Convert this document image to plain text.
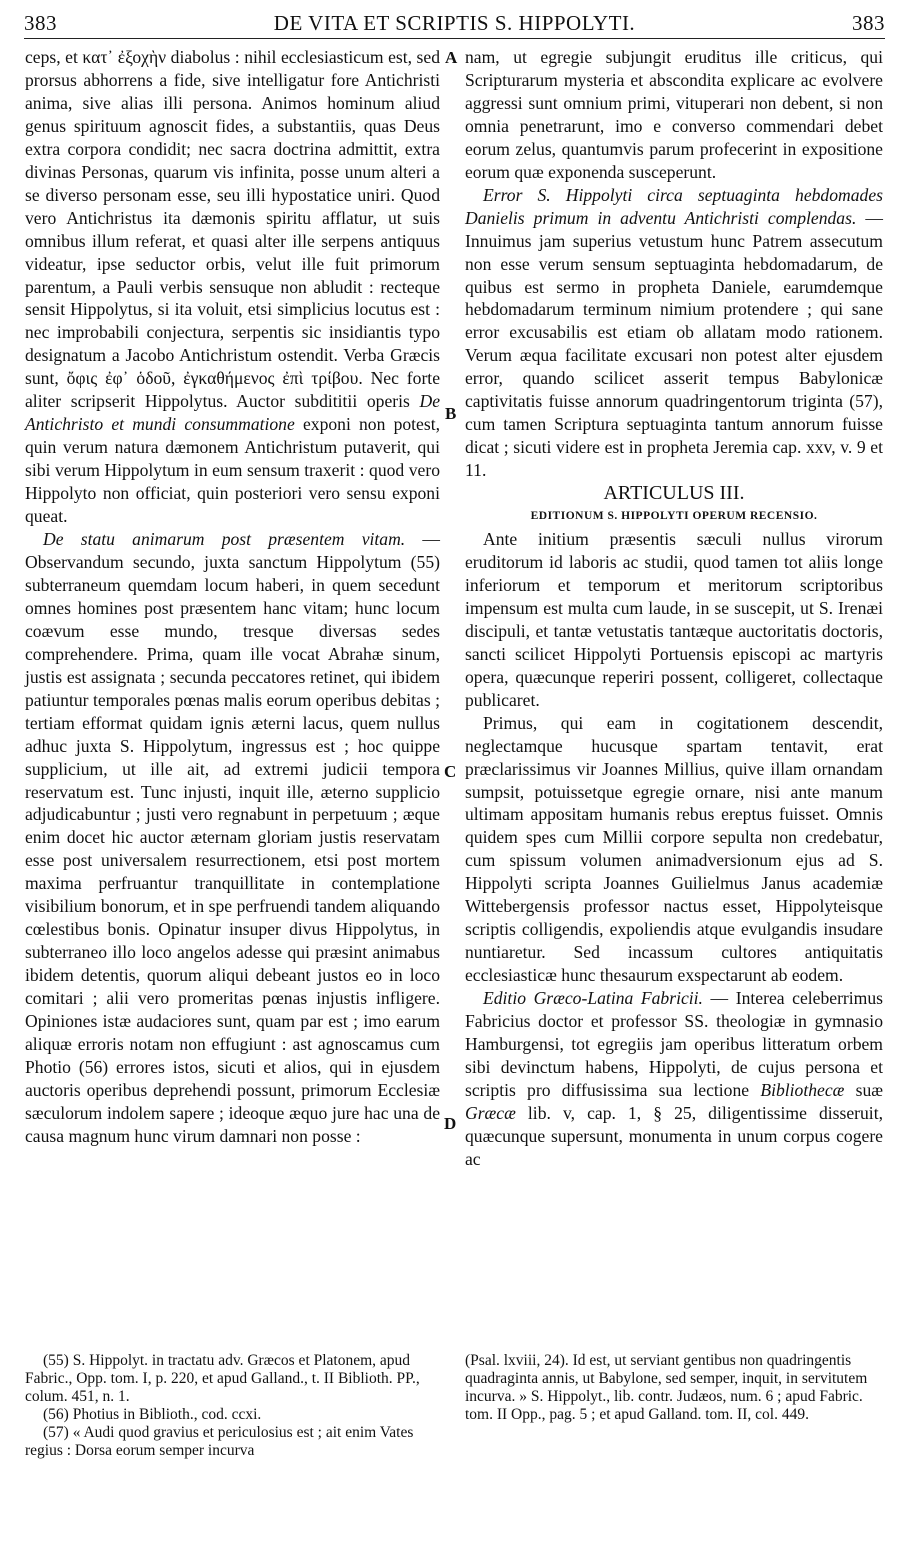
383	DE VITA ET SCRIPTIS S. HIPPOLYTI.	383
A
B
C
D

ceps, et κατ᾿ ἐξοχὴν diabolus : nihil ecclesiasticum est, sed prorsus abhorrens a fide, sive intelligatur fore Antichristi anima, sive alias illi persona. Animos hominum aliud genus spirituum agnoscit fides, a substantiis, quas Deus extra corpora condidit; nec sacra doctrina admittit, extra divinas Personas, quarum vis infinita, posse unum alteri a se diverso personam esse, seu illi hypostatice uniri. Quod vero Antichristus ita dæmonis spiritu afflatur, ut suis omnibus illum referat, et quasi alter ille serpens antiquus videatur, ipse seductor orbis, velut ille fuit primorum parentum, a Pauli verbis sensuque non abludit : recteque sensit Hippolytus, si ita voluit, etsi simplicius locutus est : nec improbabili conjectura, serpentis sic insidiantis typo designatum a Jacobo Antichristum ostendit. Verba Græcis sunt, ὄφις ἐφ᾿ ὁδοῦ, ἐγκαθήμενος ἐπὶ τρίβου. Nec forte aliter scripserit Hippolytus. Auctor subdititii operis De Antichristo et mundi consummatione exponi non potest, quin verum natura dæmonem Antichristum putaverit, qui sibi verum Hippolytum in eum sensum traxerit : quod vero Hippolyto non officiat, quin posteriori vero sensu exponi queat.

De statu animarum post præsentem vitam. — Observandum secundo, juxta sanctum Hippolytum (55) subterraneum quemdam locum haberi, in quem secedunt omnes homines post præsentem hanc vitam; hunc locum coævum esse mundo, tresque diversas sedes comprehendere. Prima, quam ille vocat Abrahæ sinum, justis est assignata ; secunda peccatores retinet, qui ibidem patiuntur temporales pœnas malis eorum operibus debitas ; tertiam efformat quidam ignis æterni lacus, quem nullus adhuc juxta S. Hippolytum, ingressus est ; hoc quippe supplicium, ut ille ait, ad extremi judicii tempora reservatum est. Tunc injusti, inquit ille, æterno supplicio adjudicabuntur ; justi vero regnabunt in perpetuum ; æque enim docet hic auctor æternam gloriam justis reservatam esse post universalem resurrectionem, etsi post mortem maxima perfruantur tranquillitate in contemplatione visibilium bonorum, et in spe perfruendi tandem aliquando cœlestibus bonis. Opinatur insuper divus Hippolytus, in subterraneo illo loco angelos adesse qui præsint animabus ibidem detentis, quorum aliqui debeant justos eo in loco comitari ; alii vero promeritas pœnas injustis infligere. Opiniones istæ audaciores sunt, quam par est ; imo earum aliquæ erroris notam non effugiunt : ast agnoscamus cum Photio (56) errores istos, sicuti et alios, qui in ejusdem auctoris operibus deprehendi possunt, primorum Ecclesiæ sæculorum indolem sapere ; ideoque æquo jure hac una de causa magnum hunc virum damnari non posse :

nam, ut egregie subjungit eruditus ille criticus, qui Scripturarum mysteria et abscondita explicare ac evolvere aggressi sunt omnium primi, vituperari non debent, si non omnia penetrarunt, imo e converso commendari debet eorum zelus, quantumvis parum profecerint in expositione eorum quæ exponenda susceperunt.

Error S. Hippolyti circa septuaginta hebdomades Danielis primum in adventu Antichristi complendas. — Innuimus jam superius vetustum hunc Patrem assecutum non esse verum sensum septuaginta hebdomadarum, de quibus est sermo in propheta Daniele, earumdemque hebdomadarum terminum nimium protendere ; qui sane error excusabilis est etiam ob allatam modo rationem. Verum æqua facilitate excusari non potest alter ejusdem error, quando scilicet asserit tempus Babylonicæ captivitatis fuisse annorum quadringentorum triginta (57), cum tamen Scriptura septuaginta tantum annorum fuisse dicat ; sicuti videre est in propheta Jeremia cap. xxv, v. 9 et 11.

ARTICULUS III.

EDITIONUM S. HIPPOLYTI OPERUM RECENSIO.

Ante initium præsentis sæculi nullus virorum eruditorum id laboris ac studii, quod tamen tot aliis longe inferiorum et temporum et meritorum scriptoribus impensum est multa cum laude, in se suscepit, ut S. Irenæi discipuli, et tantæ vetustatis tantæque auctoritatis doctoris, sancti scilicet Hippolyti Portuensis episcopi ac martyris opera, quæcunque reperiri possent, colligeret, collectaque publicaret.

Primus, qui eam in cogitationem descendit, neglectamque hucusque spartam tentavit, erat præclarissimus vir Joannes Millius, quive illam ornandam sumpsit, potuissetque egregie ornare, nisi ante manum ultimam appositam humanis rebus ereptus fuisset. Omnis quidem spes cum Millii corpore sepulta non credebatur, cum spissum volumen animadversionum ejus ad S. Hippolyti scripta Joannes Guilielmus Janus academiæ Wittebergensis professor nactus esset, Hippolyteisque scriptis colligendis, expoliendis atque evulgandis insudare nuntiaretur. Sed incassum cultores antiquitatis ecclesiasticæ hunc thesaurum exspectarunt ab eodem.

Editio Græco-Latina Fabricii. — Interea celeberrimus Fabricius doctor et professor SS. theologiæ in gymnasio Hamburgensi, tot egregiis jam operibus litteratum orbem sibi devinctum habens, Hippolyti, de cujus persona et scriptis pro diffusissima sua lectione Bibliothecæ suæ Græcæ lib. v, cap. 1, § 25, diligentissime disseruit, quæcunque supersunt, monumenta in unum corpus cogere ac

(55) S. Hippolyt. in tractatu adv. Græcos et Platonem, apud Fabric., Opp. tom. I, p. 220, et apud Galland., t. II Biblioth. PP., colum. 451, n. 1.

(56) Photius in Biblioth., cod. ccxi.

(57) « Audi quod gravius et periculosius est ; ait enim Vates regius : Dorsa eorum semper incurva

(Psal. lxviii, 24). Id est, ut serviant gentibus non quadringentis quadraginta annis, ut Babylone, sed semper, inquit, in servitutem incurva. » S. Hippolyt., lib. contr. Judæos, num. 6 ; apud Fabric. tom. II Opp., pag. 5 ; et apud Galland. tom. II, col. 449.
